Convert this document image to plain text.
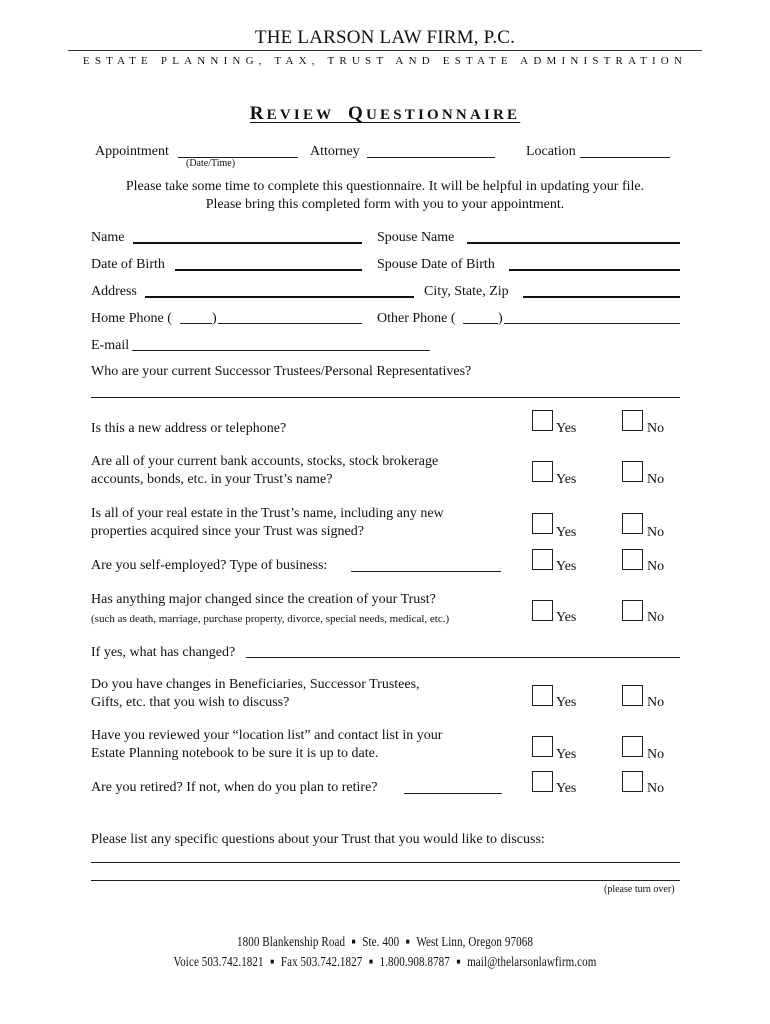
THE LARSON LAW FIRM, P.C.
ESTATE PLANNING, TAX, TRUST AND ESTATE ADMINISTRATION
REVIEW QUESTIONNAIRE
Appointment
(Date/Time)
Attorney	Location
Please take some time to complete this questionnaire. It will be helpful in updating your file.
Please bring this completed form with you to your appointment.
Name	Spouse Name
Date of Birth	Spouse Date of Birth
Address	City, State, Zip
Home Phone (	)	Other Phone (	)
E-mail
Who are your current Successor Trustees/Personal Representatives?
Is this a new address or telephone?	Yes	No
Are all of your current bank accounts, stocks, stock brokerage
accounts, bonds, etc. in your Trust’s name?	Yes	No
Is all of your real estate in the Trust’s name, including any new
properties acquired since your Trust was signed?	Yes	No
Are you self-employed? Type of business:	Yes	No
Has anything major changed since the creation of your Trust?
(such as death, marriage, purchase property, divorce, special needs, medical, etc.)	Yes	No
If yes, what has changed?
Do you have changes in Beneficiaries, Successor Trustees,
Gifts, etc. that you wish to discuss?	Yes	No
Have you reviewed your “location list” and contact list in your
Estate Planning notebook to be sure it is up to date.	Yes	No
Are you retired? If not, when do you plan to retire?	Yes	No
Please list any specific questions about your Trust that you would like to discuss:
(please turn over)
1800 Blankenship Road ■ Ste. 400 ■ West Linn, Oregon 97068
Voice 503.742.1821 ■ Fax 503.742.1827 ■ 1.800.908.8787 ■ mail@thelarsonlawfirm.com
